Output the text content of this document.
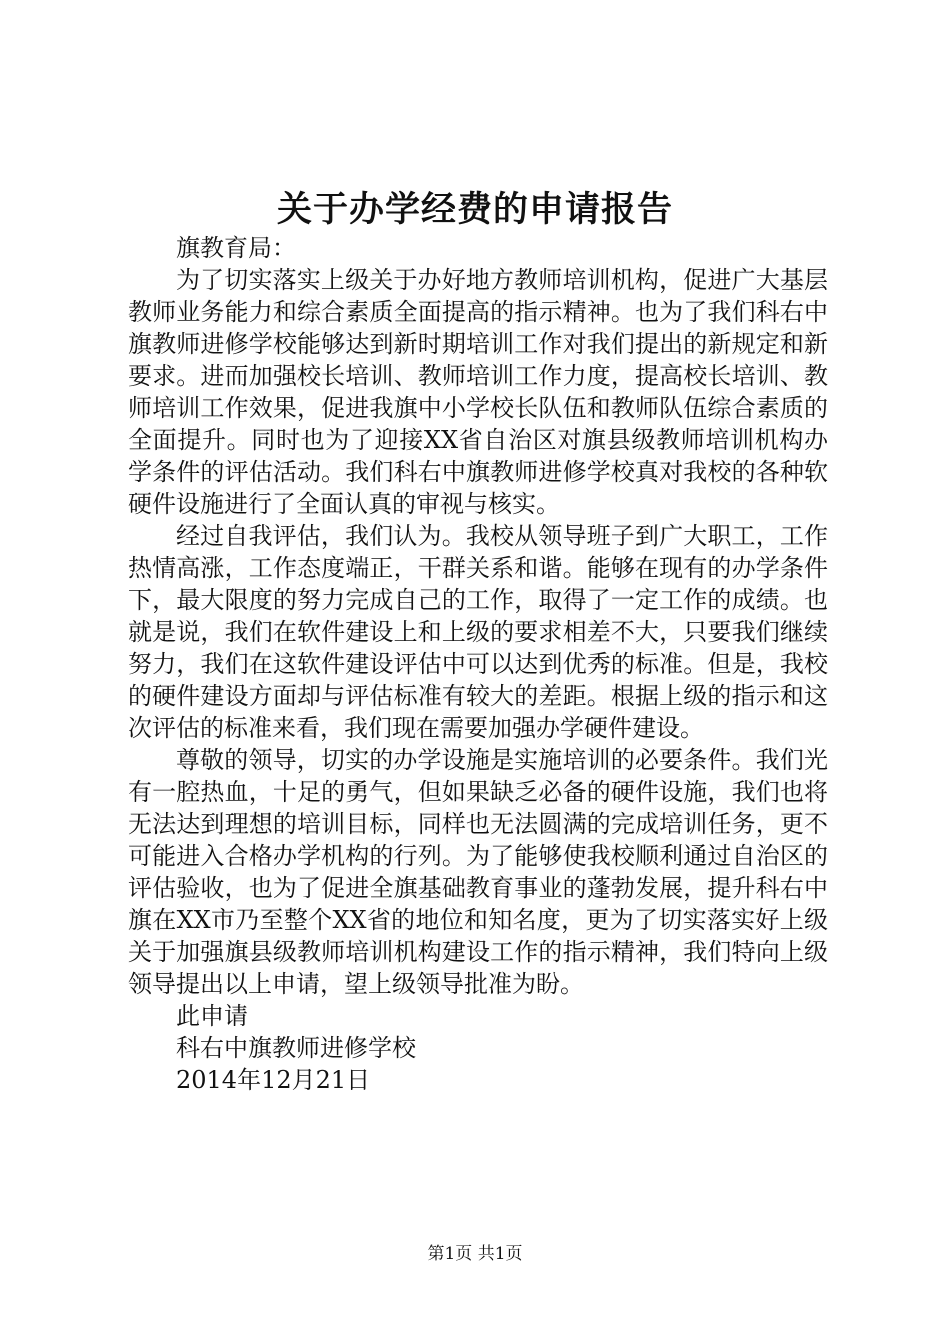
关于办学经费的申请报告

旗教育局：

为了切实落实上级关于办好地方教师培训机构，促进广大基层教师业务能力和综合素质全面提高的指示精神。也为了我们科右中旗教师进修学校能够达到新时期培训工作对我们提出的新规定和新要求。进而加强校长培训、教师培训工作力度，提高校长培训、教师培训工作效果，促进我旗中小学校长队伍和教师队伍综合素质的全面提升。同时也为了迎接XX省自治区对旗县级教师培训机构办学条件的评估活动。我们科右中旗教师进修学校真对我校的各种软硬件设施进行了全面认真的审视与核实。

经过自我评估，我们认为。我校从领导班子到广大职工，工作热情高涨，工作态度端正，干群关系和谐。能够在现有的办学条件下，最大限度的努力完成自己的工作，取得了一定工作的成绩。也就是说，我们在软件建设上和上级的要求相差不大，只要我们继续努力，我们在这软件建设评估中可以达到优秀的标准。但是，我校的硬件建设方面却与评估标准有较大的差距。根据上级的指示和这次评估的标准来看，我们现在需要加强办学硬件建设。

尊敬的领导，切实的办学设施是实施培训的必要条件。我们光有一腔热血，十足的勇气，但如果缺乏必备的硬件设施，我们也将无法达到理想的培训目标，同样也无法圆满的完成培训任务，更不可能进入合格办学机构的行列。为了能够使我校顺利通过自治区的评估验收，也为了促进全旗基础教育事业的蓬勃发展，提升科右中旗在XX市乃至整个XX省的地位和知名度，更为了切实落实好上级关于加强旗县级教师培训机构建设工作的指示精神，我们特向上级领导提出以上申请，望上级领导批准为盼。

此申请

科右中旗教师进修学校

2014年12月21日

第1页 共1页
